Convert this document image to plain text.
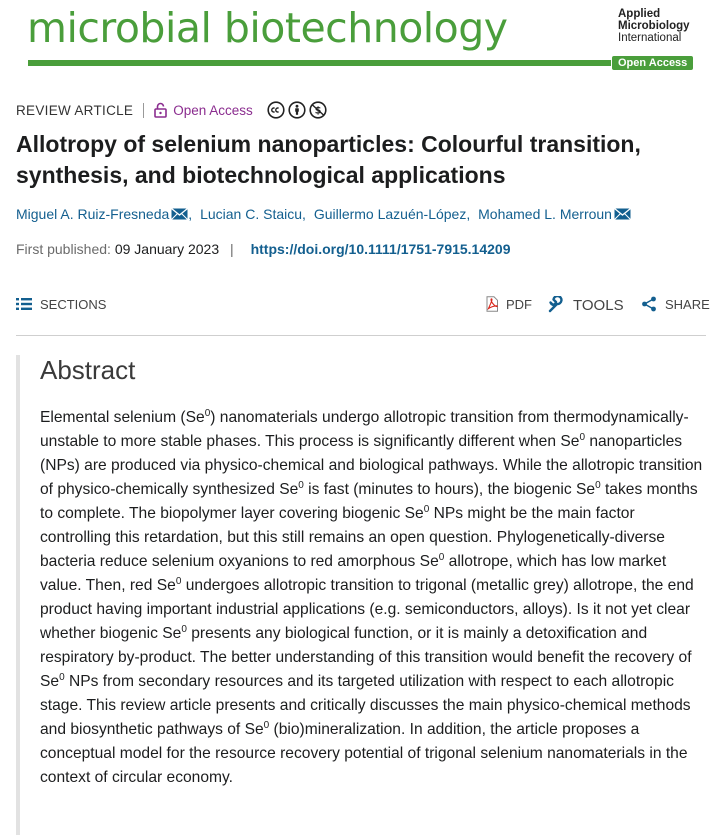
microbial biotechnology	Applied
Microbiology
International
Open Access
REVIEW ARTICLE	Open Access	$
Allotropy of selenium nanoparticles: Colourful transition, synthesis, and biotechnological applications
Miguel A. Ruiz-Fresneda , Lucian C. Staicu , Guillermo Lazuén-López , Mohamed L. Merroun
First published: 09 January 2023 | https://doi.org/10.1111/1751-7915.14209
SECTIONS	PDF	TOOLS	SHARE
Abstract

Elemental selenium (Se$^0$) nanomaterials undergo allotropic transition from thermodynamically-unstable to more stable phases. This process is significantly different when Se$^0$ nanoparticles (NPs) are produced via physico-chemical and biological pathways. While the allotropic transition of physico-chemically synthesized Se$^0$ is fast (minutes to hours), the biogenic Se$^0$ takes months to complete. The biopolymer layer covering biogenic Se$^0$ NPs might be the main factor controlling this retardation, but this still remains an open question. Phylogenetically-diverse bacteria reduce selenium oxyanions to red amorphous Se$^0$ allotrope, which has low market value. Then, red Se$^0$ undergoes allotropic transition to trigonal (metallic grey) allotrope, the end product having important industrial applications (e.g. semiconductors, alloys). Is it not yet clear whether biogenic Se$^0$ presents any biological function, or it is mainly a detoxification and respiratory by-product. The better understanding of this transition would benefit the recovery of Se$^0$ NPs from secondary resources and its targeted utilization with respect to each allotropic stage. This review article presents and critically discusses the main physico-chemical methods and biosynthetic pathways of Se$^0$ (bio)mineralization. In addition, the article proposes a conceptual model for the resource recovery potential of trigonal selenium nanomaterials in the context of circular economy.
